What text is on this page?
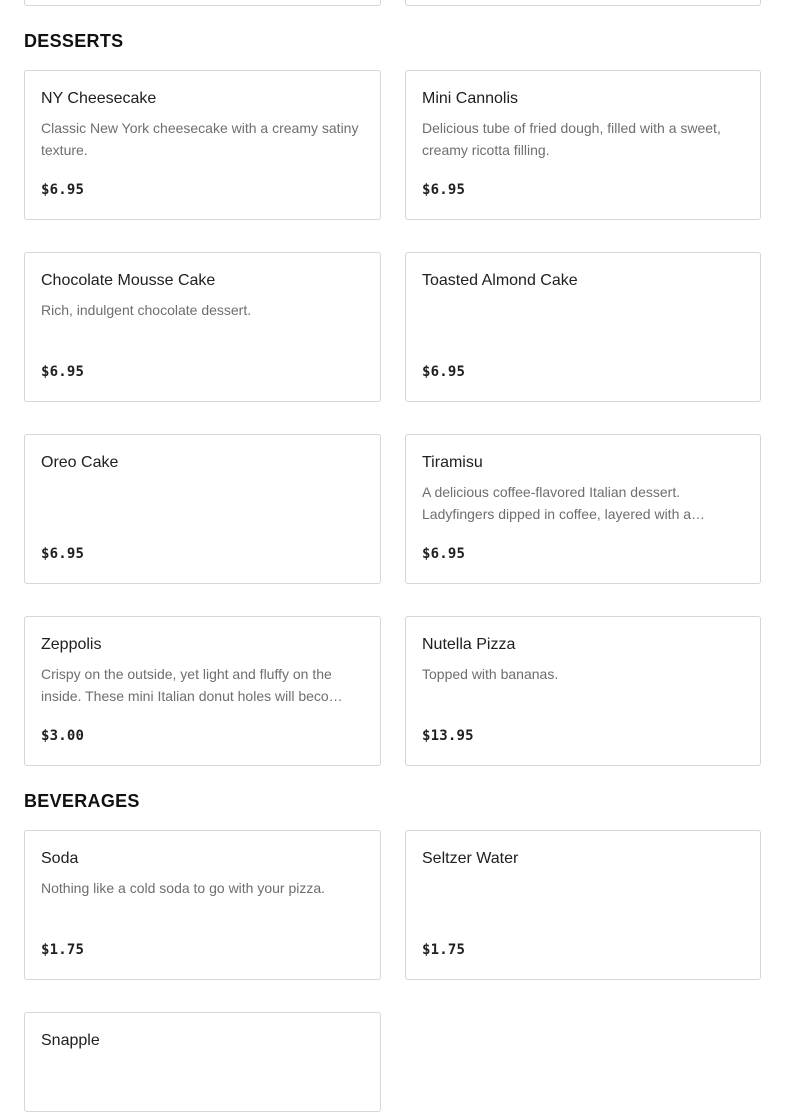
DESSERTS
NY Cheesecake
Classic New York cheesecake with a creamy satiny texture.
$6.95
Mini Cannolis
Delicious tube of fried dough, filled with a sweet, creamy ricotta filling.
$6.95
Chocolate Mousse Cake
Rich, indulgent chocolate dessert.
$6.95
Toasted Almond Cake
$6.95
Oreo Cake
$6.95
Tiramisu
A delicious coffee-flavored Italian dessert. Ladyfingers dipped in coffee, layered with a…
$6.95
Zeppolis
Crispy on the outside, yet light and fluffy on the inside. These mini Italian donut holes will beco…
$3.00
Nutella Pizza
Topped with bananas.
$13.95
BEVERAGES
Soda
Nothing like a cold soda to go with your pizza.
$1.75
Seltzer Water
$1.75
Snapple
